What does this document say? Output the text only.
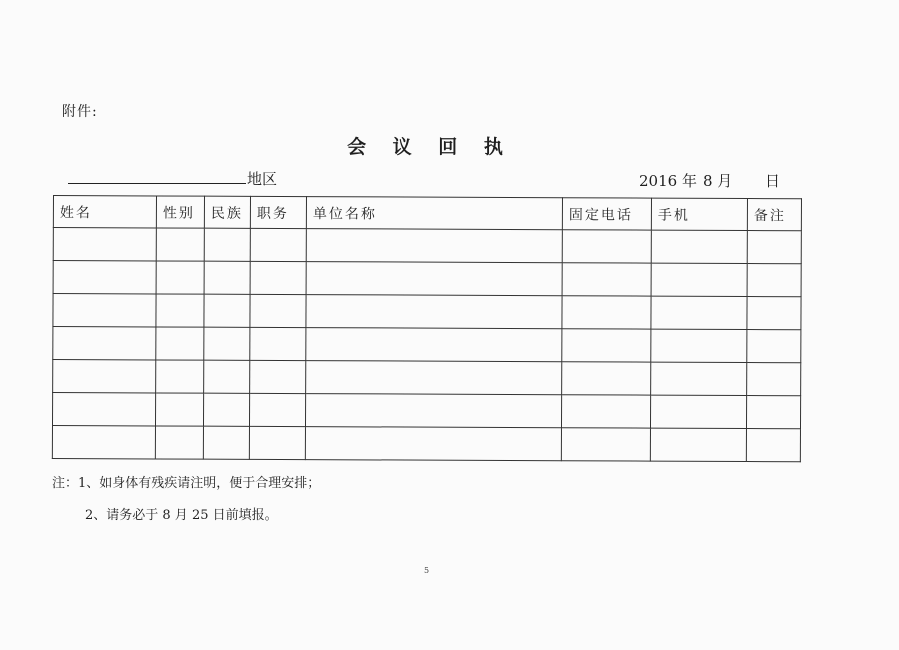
附件:
会 议 回 执
地区	2016 年 8 月 日
姓名	性别	民族	职务	单位名称	固定电话	手机	备注

注：1、如身体有残疾请注明，便于合理安排；
2、请务必于 8 月 25 日前填报。
5
